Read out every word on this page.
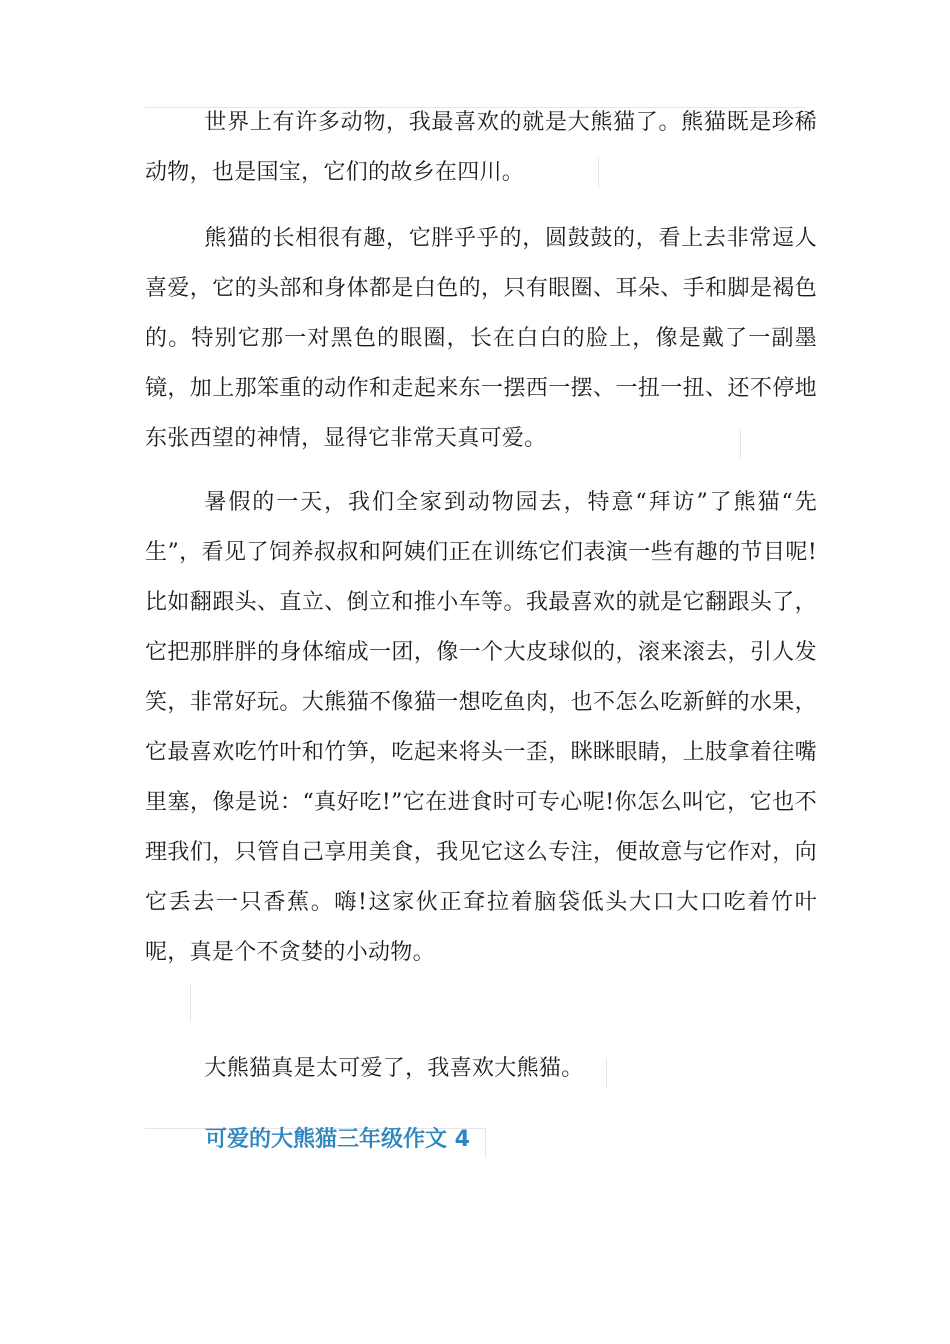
世界上有许多动物，我最喜欢的就是大熊猫了。熊猫既是珍稀动物，也是国宝，它们的故乡在四川。

熊猫的长相很有趣，它胖乎乎的，圆鼓鼓的，看上去非常逗人喜爱，它的头部和身体都是白色的，只有眼圈、耳朵、手和脚是褐色的。特别它那一对黑色的眼圈，长在白白的脸上，像是戴了一副墨镜，加上那笨重的动作和走起来东一摆西一摆、一扭一扭、还不停地东张西望的神情，显得它非常天真可爱。

暑假的一天，我们全家到动物园去，特意“拜访”了熊猫“先生”，看见了饲养叔叔和阿姨们正在训练它们表演一些有趣的节目呢!比如翻跟头、直立、倒立和推小车等。我最喜欢的就是它翻跟头了，它把那胖胖的身体缩成一团，像一个大皮球似的，滚来滚去，引人发笑，非常好玩。大熊猫不像猫一想吃鱼肉，也不怎么吃新鲜的水果，它最喜欢吃竹叶和竹笋，吃起来将头一歪，眯眯眼睛，上肢拿着往嘴里塞，像是说：“真好吃!”它在进食时可专心呢!你怎么叫它，它也不理我们，只管自己享用美食，我见它这么专注，便故意与它作对，向它丢去一只香蕉。嗨!这家伙正耷拉着脑袋低头大口大口吃着竹叶呢，真是个不贪婪的小动物。

大熊猫真是太可爱了，我喜欢大熊猫。

可爱的大熊猫三年级作文 4
